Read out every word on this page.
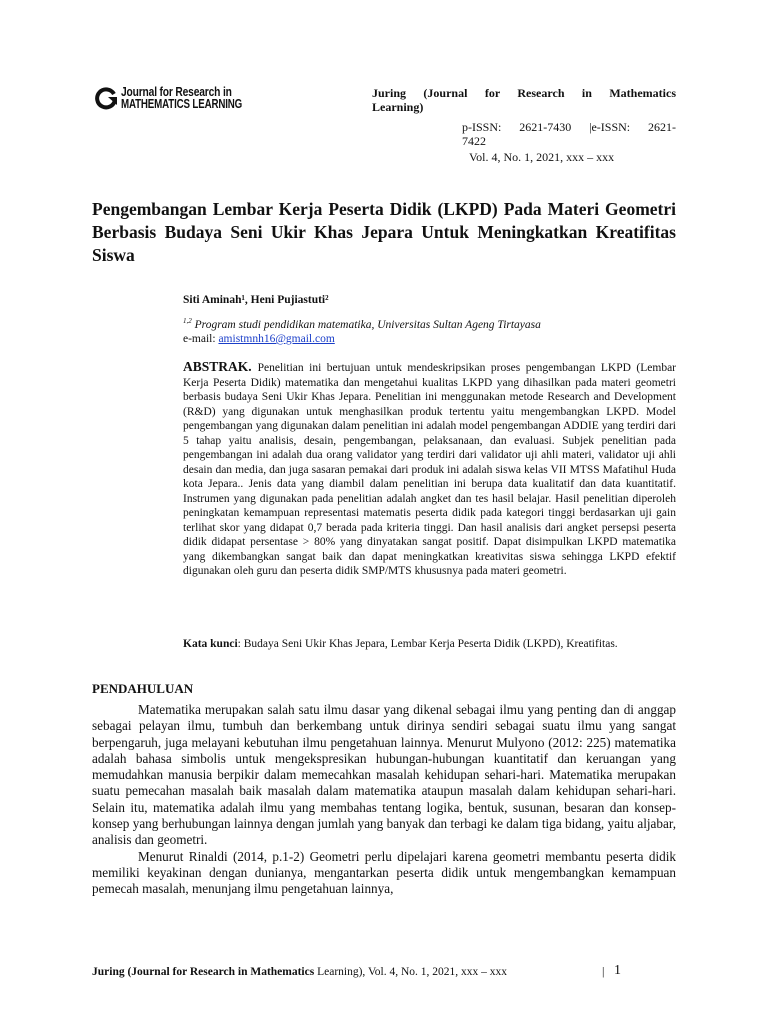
Journal for Research in
MATHEMATICS LEARNING

Juring (Journal for Research in Mathematics

Learning)

p-ISSN: 2621-7430 |e-ISSN: 2621-

7422

Vol. 4, No. 1, 2021, xxx – xxx

Pengembangan Lembar Kerja Peserta Didik (LKPD) Pada Materi Geometri Berbasis Budaya Seni Ukir Khas Jepara Untuk Meningkatkan Kreatifitas Siswa

Siti Aminah¹, Heni Pujiastuti²

$^{1,2}$ Program studi pendidikan matematika, Universitas Sultan Ageng Tirtayasa

e-mail: amistmnh16@gmail.com

ABSTRAK. Penelitian ini bertujuan untuk mendeskripsikan proses pengembangan LKPD (Lembar Kerja Peserta Didik) matematika dan mengetahui kualitas LKPD yang dihasilkan pada materi geometri berbasis budaya Seni Ukir Khas Jepara. Penelitian ini menggunakan metode Research and Development (R&D) yang digunakan untuk menghasilkan produk tertentu yaitu mengembangkan LKPD. Model pengembangan yang digunakan dalam penelitian ini adalah model pengembangan ADDIE yang terdiri dari 5 tahap yaitu analisis, desain, pengembangan, pelaksanaan, dan evaluasi. Subjek penelitian pada pengembangan ini adalah dua orang validator yang terdiri dari validator uji ahli materi, validator uji ahli desain dan media, dan juga sasaran pemakai dari produk ini adalah siswa kelas VII MTSS Mafatihul Huda kota Jepara.. Jenis data yang diambil dalam penelitian ini berupa data kualitatif dan data kuantitatif. Instrumen yang digunakan pada penelitian adalah angket dan tes hasil belajar. Hasil penelitian diperoleh peningkatan kemampuan representasi matematis peserta didik pada kategori tinggi berdasarkan uji gain terlihat skor yang didapat 0,7 berada pada kriteria tinggi. Dan hasil analisis dari angket persepsi peserta didik didapat persentase > 80% yang dinyatakan sangat positif. Dapat disimpulkan LKPD matematika yang dikembangkan sangat baik dan dapat meningkatkan kreativitas siswa sehingga LKPD efektif digunakan oleh guru dan peserta didik SMP/MTS khususnya pada materi geometri.

Kata kunci: Budaya Seni Ukir Khas Jepara, Lembar Kerja Peserta Didik (LKPD), Kreatifitas.

PENDAHULUAN

Matematika merupakan salah satu ilmu dasar yang dikenal sebagai ilmu yang penting dan di anggap sebagai pelayan ilmu, tumbuh dan berkembang untuk dirinya sendiri sebagai suatu ilmu yang sangat berpengaruh, juga melayani kebutuhan ilmu pengetahuan lainnya. Menurut Mulyono (2012: 225) matematika adalah bahasa simbolis untuk mengekspresikan hubungan-hubungan kuantitatif dan keruangan yang memudahkan manusia berpikir dalam memecahkan masalah kehidupan sehari-hari. Matematika merupakan suatu pemecahan masalah baik masalah dalam matematika ataupun masalah dalam kehidupan sehari-hari. Selain itu, matematika adalah ilmu yang membahas tentang logika, bentuk, susunan, besaran dan konsep-konsep yang berhubungan lainnya dengan jumlah yang banyak dan terbagi ke dalam tiga bidang, yaitu aljabar, analisis dan geometri.

Menurut Rinaldi (2014, p.1-2) Geometri perlu dipelajari karena geometri membantu peserta didik memiliki keyakinan dengan dunianya, mengantarkan peserta didik untuk mengembangkan kemampuan pemecah masalah, menunjang ilmu pengetahuan lainnya,

Juring (Journal for Research in Mathematics Learning), Vol. 4, No. 1, 2021, xxx – xxx	| 1
